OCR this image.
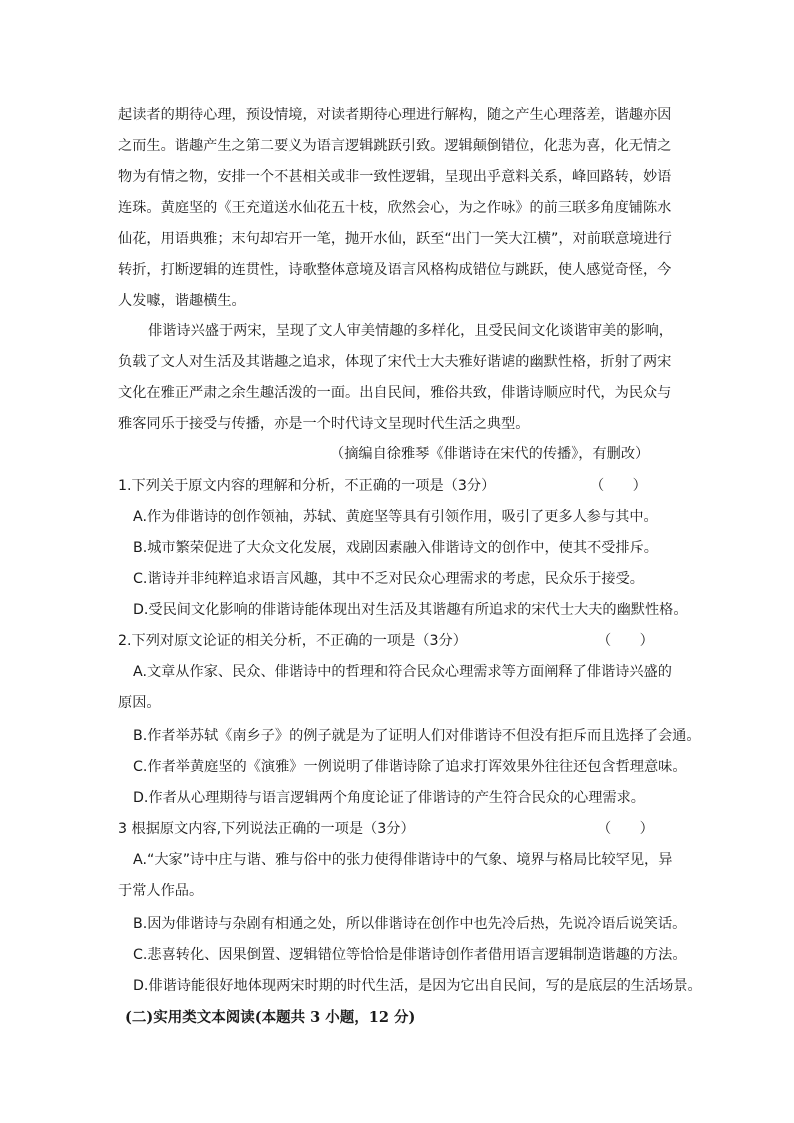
起读者的期待心理，预设情境，对读者期待心理进行解构，随之产生心理落差，谐趣亦因之而生。谐趣产生之第二要义为语言逻辑跳跃引致。逻辑颠倒错位，化悲为喜，化无情之物为有情之物，安排一个不甚相关或非一致性逻辑，呈现出乎意料关系，峰回路转，妙语连珠。黄庭坚的《王充道送水仙花五十枝，欣然会心，为之作咏》的前三联多角度铺陈水仙花，用语典雅；末句却宕开一笔，抛开水仙，跃至“出门一笑大江横”，对前联意境进行转折，打断逻辑的连贯性，诗歌整体意境及语言风格构成错位与跳跃，使人感觉奇怪，今人发噱，谐趣横生。

俳谐诗兴盛于两宋，呈现了文人审美情趣的多样化，且受民间文化谈谐审美的影响，负载了文人对生活及其谐趣之追求，体现了宋代士大夫雅好谐谑的幽默性格，折射了两宋文化在雅正严肃之余生趣活泼的一面。出自民间，雅俗共致，俳谐诗顺应时代，为民众与雅客同乐于接受与传播，亦是一个时代诗文呈现时代生活之典型。

（摘编自徐雅琴《俳谐诗在宋代的传播》，有删改）

1.下列关于原文内容的理解和分析，不正确的一项是（3分）	（　　）

A.作为俳谐诗的创作领袖，苏轼、黄庭坚等具有引领作用，吸引了更多人参与其中。

B.城市繁荣促进了大众文化发展，戏剧因素融入俳谐诗文的创作中，使其不受排斥。

C.谐诗并非纯粹追求语言风趣，其中不乏对民众心理需求的考虑，民众乐于接受。

D.受民间文化影响的俳谐诗能体现出对生活及其谐趣有所追求的宋代士大夫的幽默性格。

2.下列对原文论证的相关分析，不正确的一项是（3分）	（　　）

A.文章从作家、民众、俳谐诗中的哲理和符合民众心理需求等方面阐释了俳谐诗兴盛的原因。

B.作者举苏轼《南乡子》的例子就是为了证明人们对俳谐诗不但没有拒斥而且选择了会通。

C.作者举黄庭坚的《演雅》一例说明了俳谐诗除了追求打诨效果外往往还包含哲理意味。

D.作者从心理期待与语言逻辑两个角度论证了俳谐诗的产生符合民众的心理需求。

3 根据原文内容,下列说法正确的一项是（3分）	（　　）

A.“大家”诗中庄与谐、雅与俗中的张力使得俳谐诗中的气象、境界与格局比较罕见，异于常人作品。

B.因为俳谐诗与杂剧有相通之处，所以俳谐诗在创作中也先冷后热，先说冷语后说笑话。

C.悲喜转化、因果倒置、逻辑错位等恰恰是俳谐诗创作者借用语言逻辑制造谐趣的方法。

D.俳谐诗能很好地体现两宋时期的时代生活，是因为它出自民间，写的是底层的生活场景。

(二)实用类文本阅读(本题共 3 小题，12 分)
